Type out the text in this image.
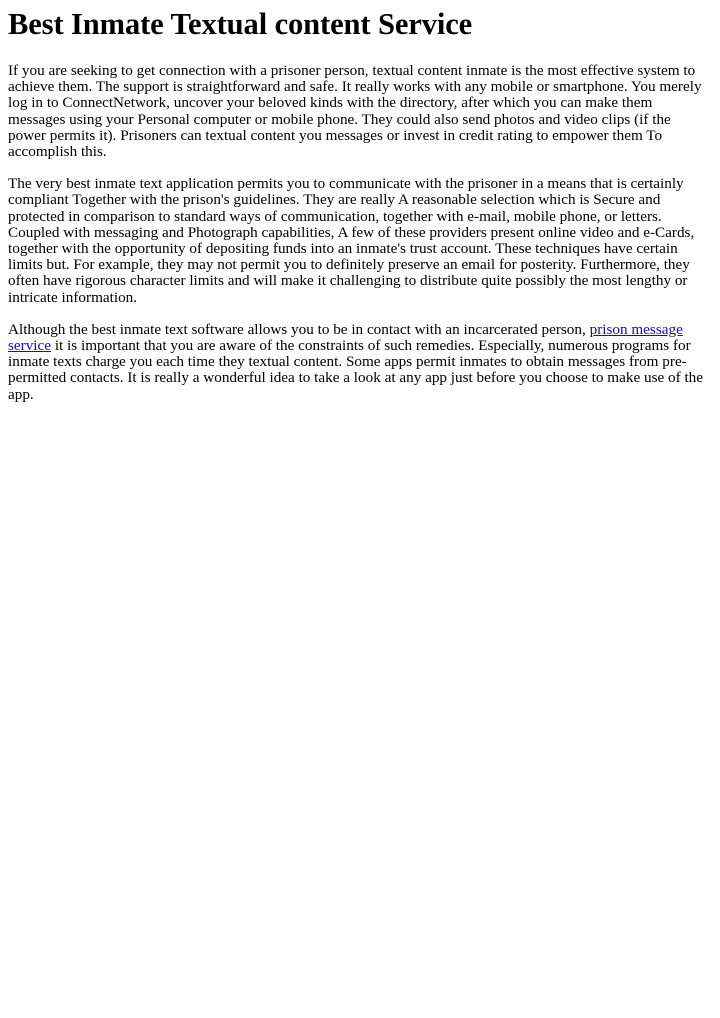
Best Inmate Textual content Service

If you are seeking to get connection with a prisoner person, textual content inmate is the most effective system to achieve them. The support is straightforward and safe. It really works with any mobile or smartphone. You merely log in to ConnectNetwork, uncover your beloved kinds with the directory, after which you can make them messages using your Personal computer or mobile phone. They could also send photos and video clips (if the power permits it). Prisoners can textual content you messages or invest in credit rating to empower them To accomplish this.

The very best inmate text application permits you to communicate with the prisoner in a means that is certainly compliant Together with the prison's guidelines. They are really A reasonable selection which is Secure and protected in comparison to standard ways of communication, together with e-mail, mobile phone, or letters. Coupled with messaging and Photograph capabilities, A few of these providers present online video and e-Cards, together with the opportunity of depositing funds into an inmate's trust account. These techniques have certain limits but. For example, they may not permit you to definitely preserve an email for posterity. Furthermore, they often have rigorous character limits and will make it challenging to distribute quite possibly the most lengthy or intricate information.

Although the best inmate text software allows you to be in contact with an incarcerated person, prison message service it is important that you are aware of the constraints of such remedies. Especially, numerous programs for inmate texts charge you each time they textual content. Some apps permit inmates to obtain messages from pre-permitted contacts. It is really a wonderful idea to take a look at any app just before you choose to make use of the app.
